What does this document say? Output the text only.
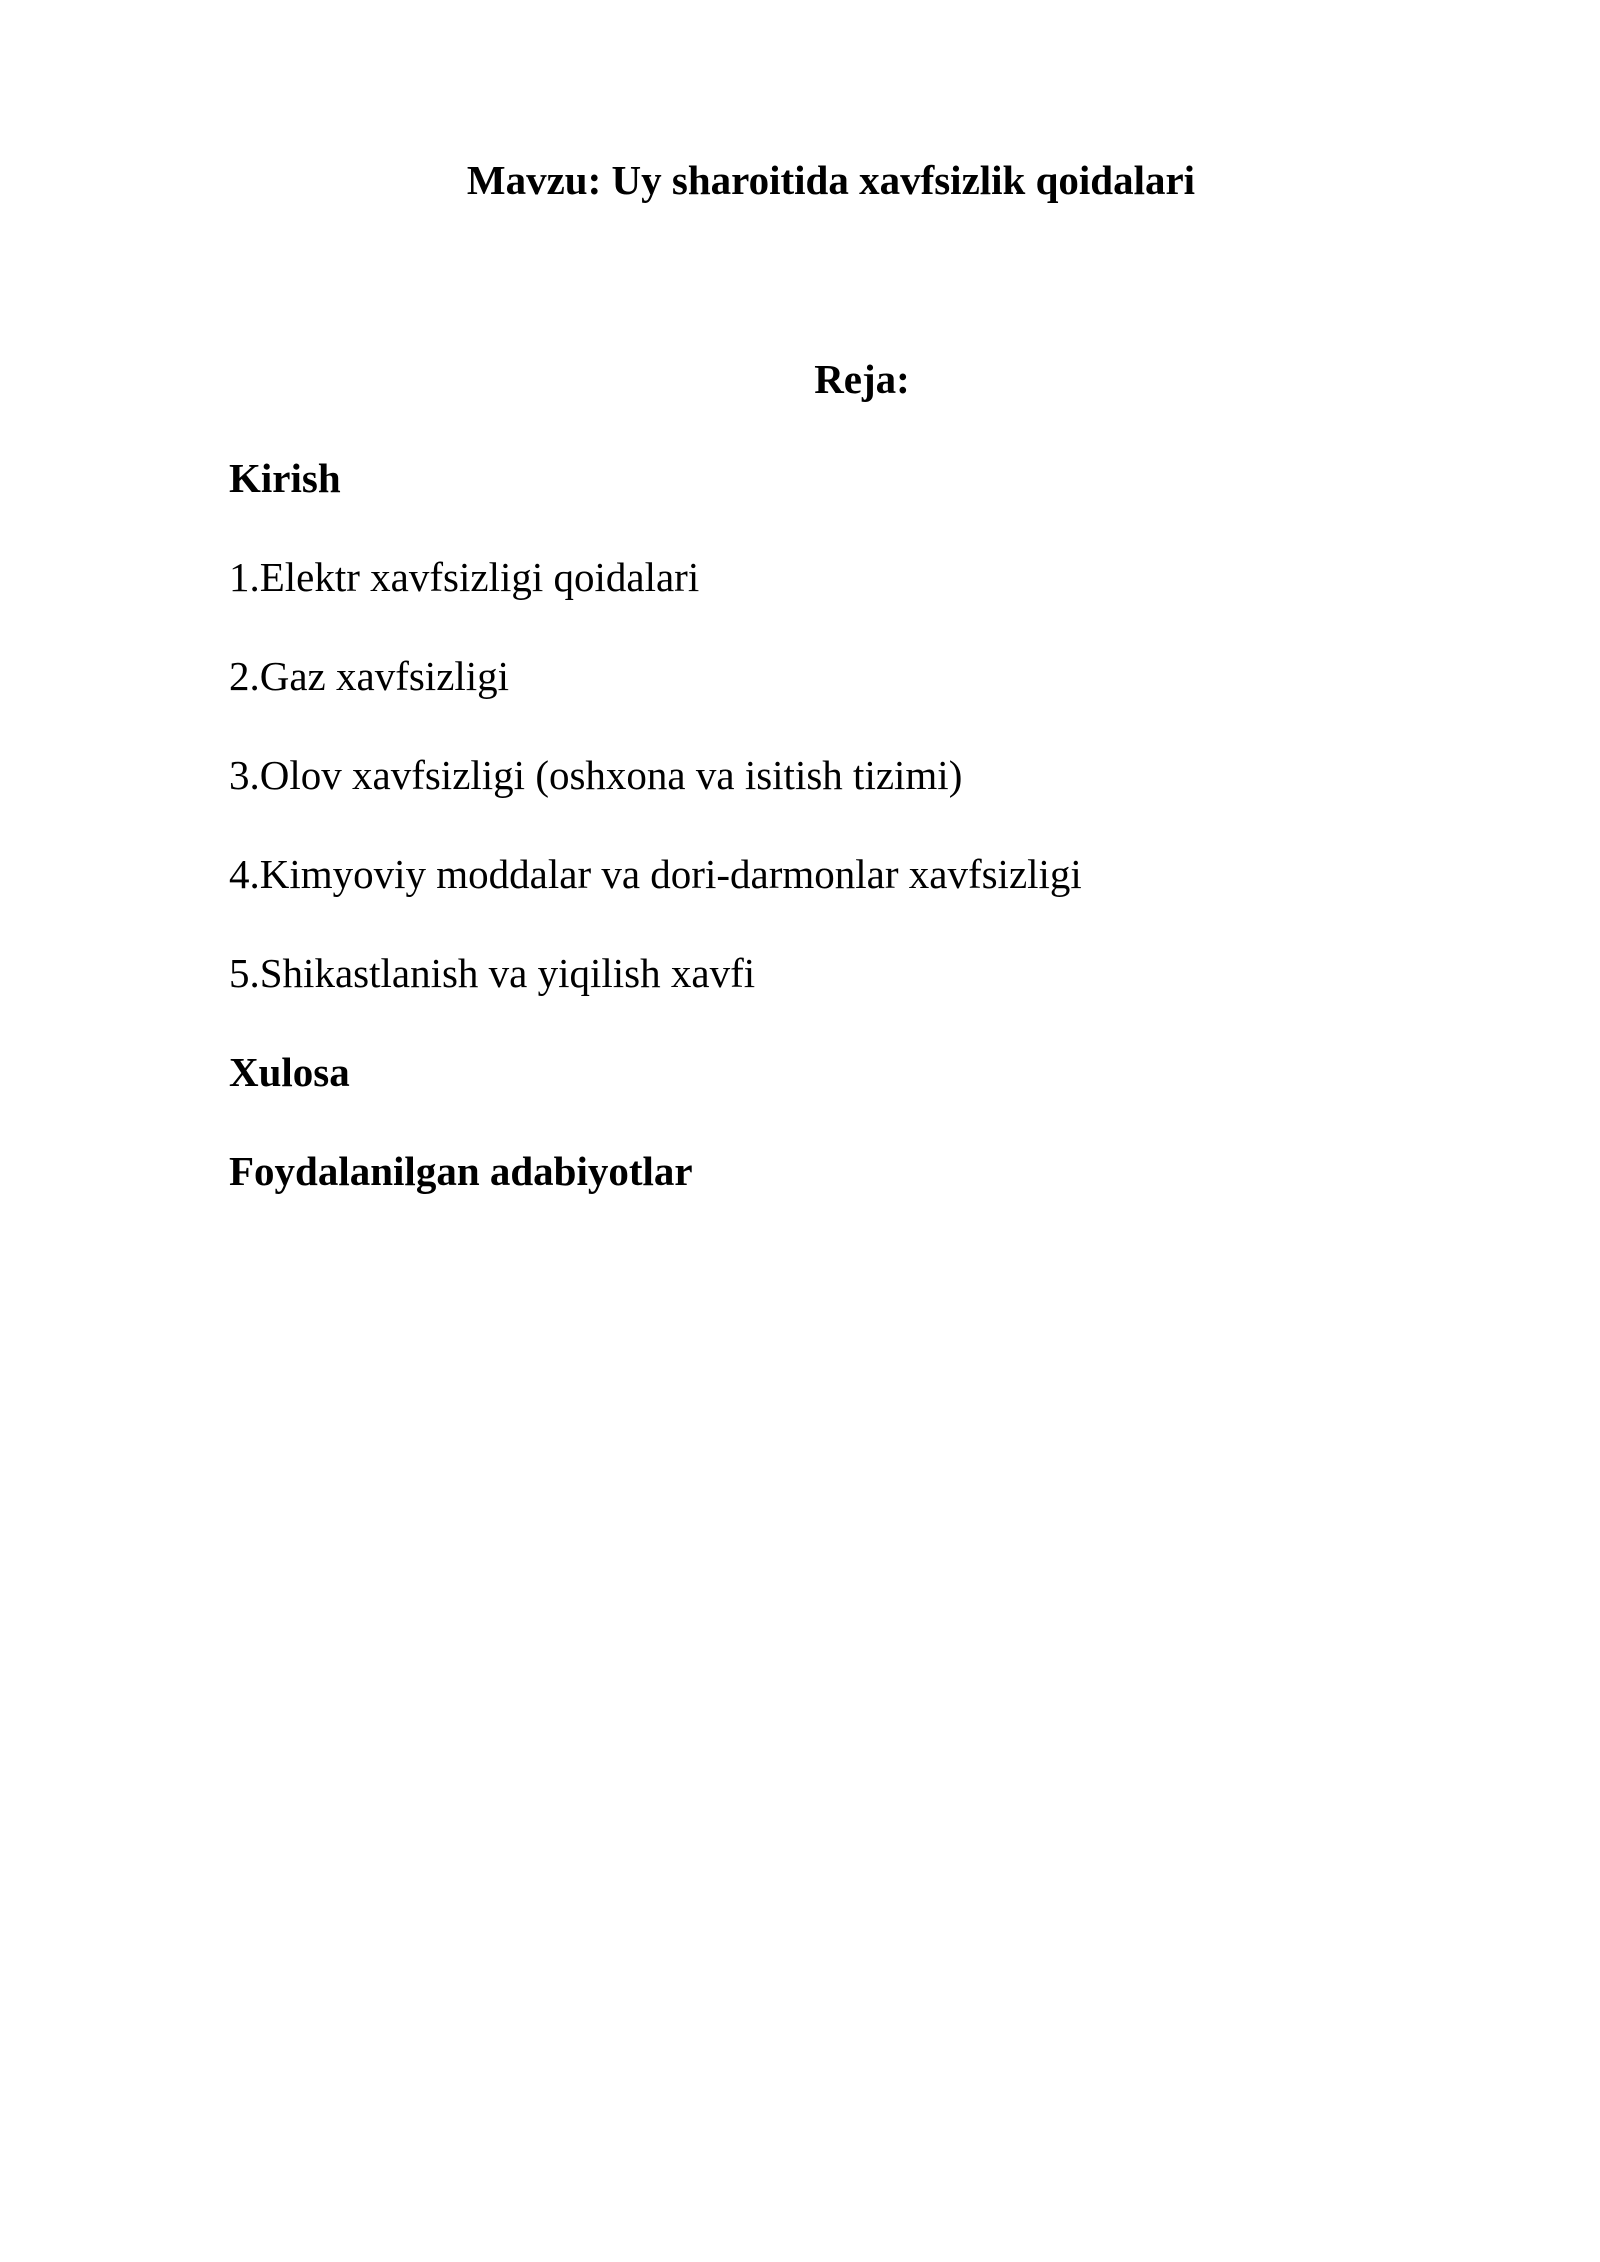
Mavzu: Uy sharoitida xavfsizlik qoidalari
Reja:
Kirish
1.Elektr xavfsizligi qoidalari
2.Gaz xavfsizligi
3.Olov xavfsizligi (oshxona va isitish tizimi)
4.Kimyoviy moddalar va dori-darmonlar xavfsizligi
5.Shikastlanish va yiqilish xavfi
Xulosa
Foydalanilgan adabiyotlar
